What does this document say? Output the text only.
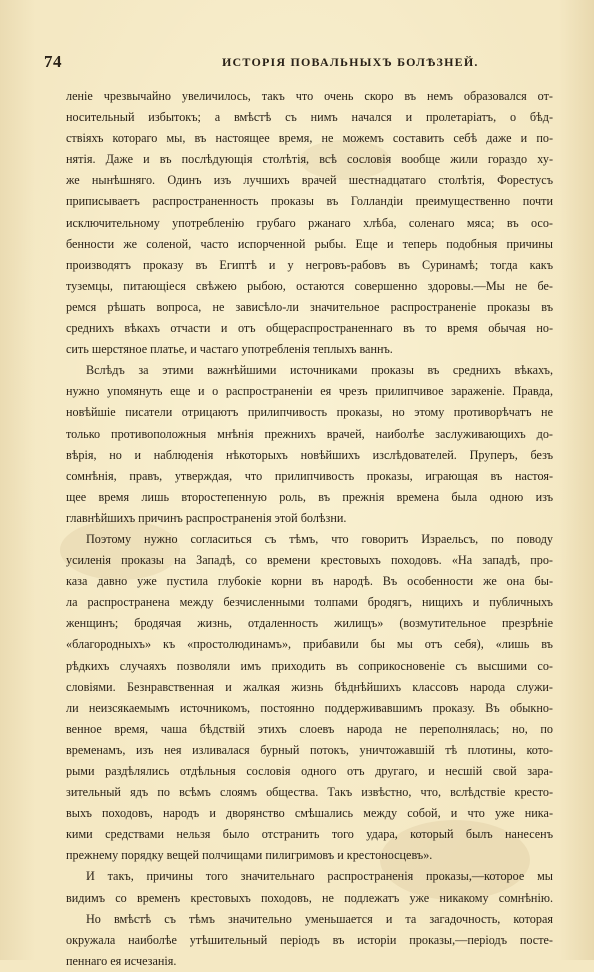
74	ИСТОРІЯ ПОВАЛЬНЫХЪ БОЛѢЗНЕЙ.
леніе чрезвычайно увеличилось, такъ что очень скоро въ немъ образовался от-
носительный избытокъ; а вмѣстѣ съ нимъ начался и пролетаріатъ, о бѣд-
ствіяхъ которaго мы, въ настоящее время, не можемъ составить себѣ даже и по-
нятія. Даже и въ послѣдующія столѣтія, всѣ сословія вообще жили гораздо ху-
же нынѣшняго. Одинъ изъ лучшихъ врачей шестнадцатаго столѣтія, Форестусъ
приписываетъ распространенность проказы въ Голландіи преимущественно почти
исключительному употребленію грубаго ржанаго хлѣба, соленаго мяса; въ осо-
бенности же соленой, часто испорченной рыбы. Еще и теперь подобныя причины
производятъ проказу въ Египтѣ и у негровъ-рабовъ въ Суринамѣ; тогда какъ
туземцы, питающіеся свѣжею рыбою, остаются совершенно здоровы.—Мы не бе-
ремся рѣшать вопроса, не зависѣло-ли значительное распространеніе проказы въ
среднихъ вѣкахъ отчасти и отъ общераспространеннаго въ то время обычая но-
сить шерстяное платье, и частаго употребленія теплыхъ ваннъ.
Вслѣдъ за этими важнѣйшими источниками проказы въ среднихъ вѣкахъ,
нужно упомянуть еще и о распространеніи ея чрезъ прилипчивое зараженіе. Правда,
новѣйшіе писатели отрицаютъ прилипчивость проказы, но этому противорѣчатъ не
только противоположныя мнѣнія прежнихъ врачей, наиболѣе заслуживающихъ до-
вѣрія, но и наблюденія нѣкоторыхъ новѣйшихъ изслѣдователей. Пруперъ, безъ
сомнѣнія, правъ, утверждая, что прилипчивость проказы, играющая въ настоя-
щее время лишь второстепенную роль, въ прежнія времена была одною изъ
главнѣйшихъ причинъ распространенія этой болѣзни.
Поэтому нужно согласиться съ тѣмъ, что говоритъ Израельсъ, по поводу
усиленія проказы на Западѣ, со времени крестовыхъ походовъ. «На западѣ, про-
каза давно уже пустила глубокіе корни въ народѣ. Въ особенности же она бы-
ла распространена между безчисленными толпами бродягъ, нищихъ и публичныхъ
женщинъ; бродячая жизнь, отдаленность жилищъ» (возмутительное презрѣніе
«благородныхъ» къ «простолюдинамъ», прибавили бы мы отъ себя), «лишь въ
рѣдкихъ случаяхъ позволяли имъ приходить въ соприкосновеніе съ высшими со-
словіями. Безнравственная и жалкая жизнь бѣднѣйшихъ классовъ народа служи-
ли неизсякаемымъ источникомъ, постоянно поддерживавшимъ проказу. Въ обыкно-
венное время, чаша бѣдствій этихъ слоевъ народа не переполнялась; но, по
временамъ, изъ нея изливалася бурный потокъ, уничтожавшій тѣ плотины, кото-
рыми раздѣлялись отдѣльныя сословія одного отъ другаго, и несшій свой зара-
зительный ядъ по всѣмъ слоямъ общества. Такъ извѣстно, что, вслѣдствіе кресто-
выхъ походовъ, народъ и дворянство смѣшались между собой, и что уже ника-
кими средствами нельзя было отстранить того удара, который былъ нанесенъ
прежнему порядку вещей полчищами пилигримовъ и крестоносцевъ».
И такъ, причины того значительнаго распространенія проказы,—которое мы
видимъ со временъ крестовыхъ походовъ, не подлежатъ уже никакому сомнѣнію.
Но вмѣстѣ съ тѣмъ значительно уменьшается и та загадочность, которая
окружала наиболѣе утѣшительный періодъ въ исторіи проказы,—періодъ посте-
пеннаго ея исчезанія.
